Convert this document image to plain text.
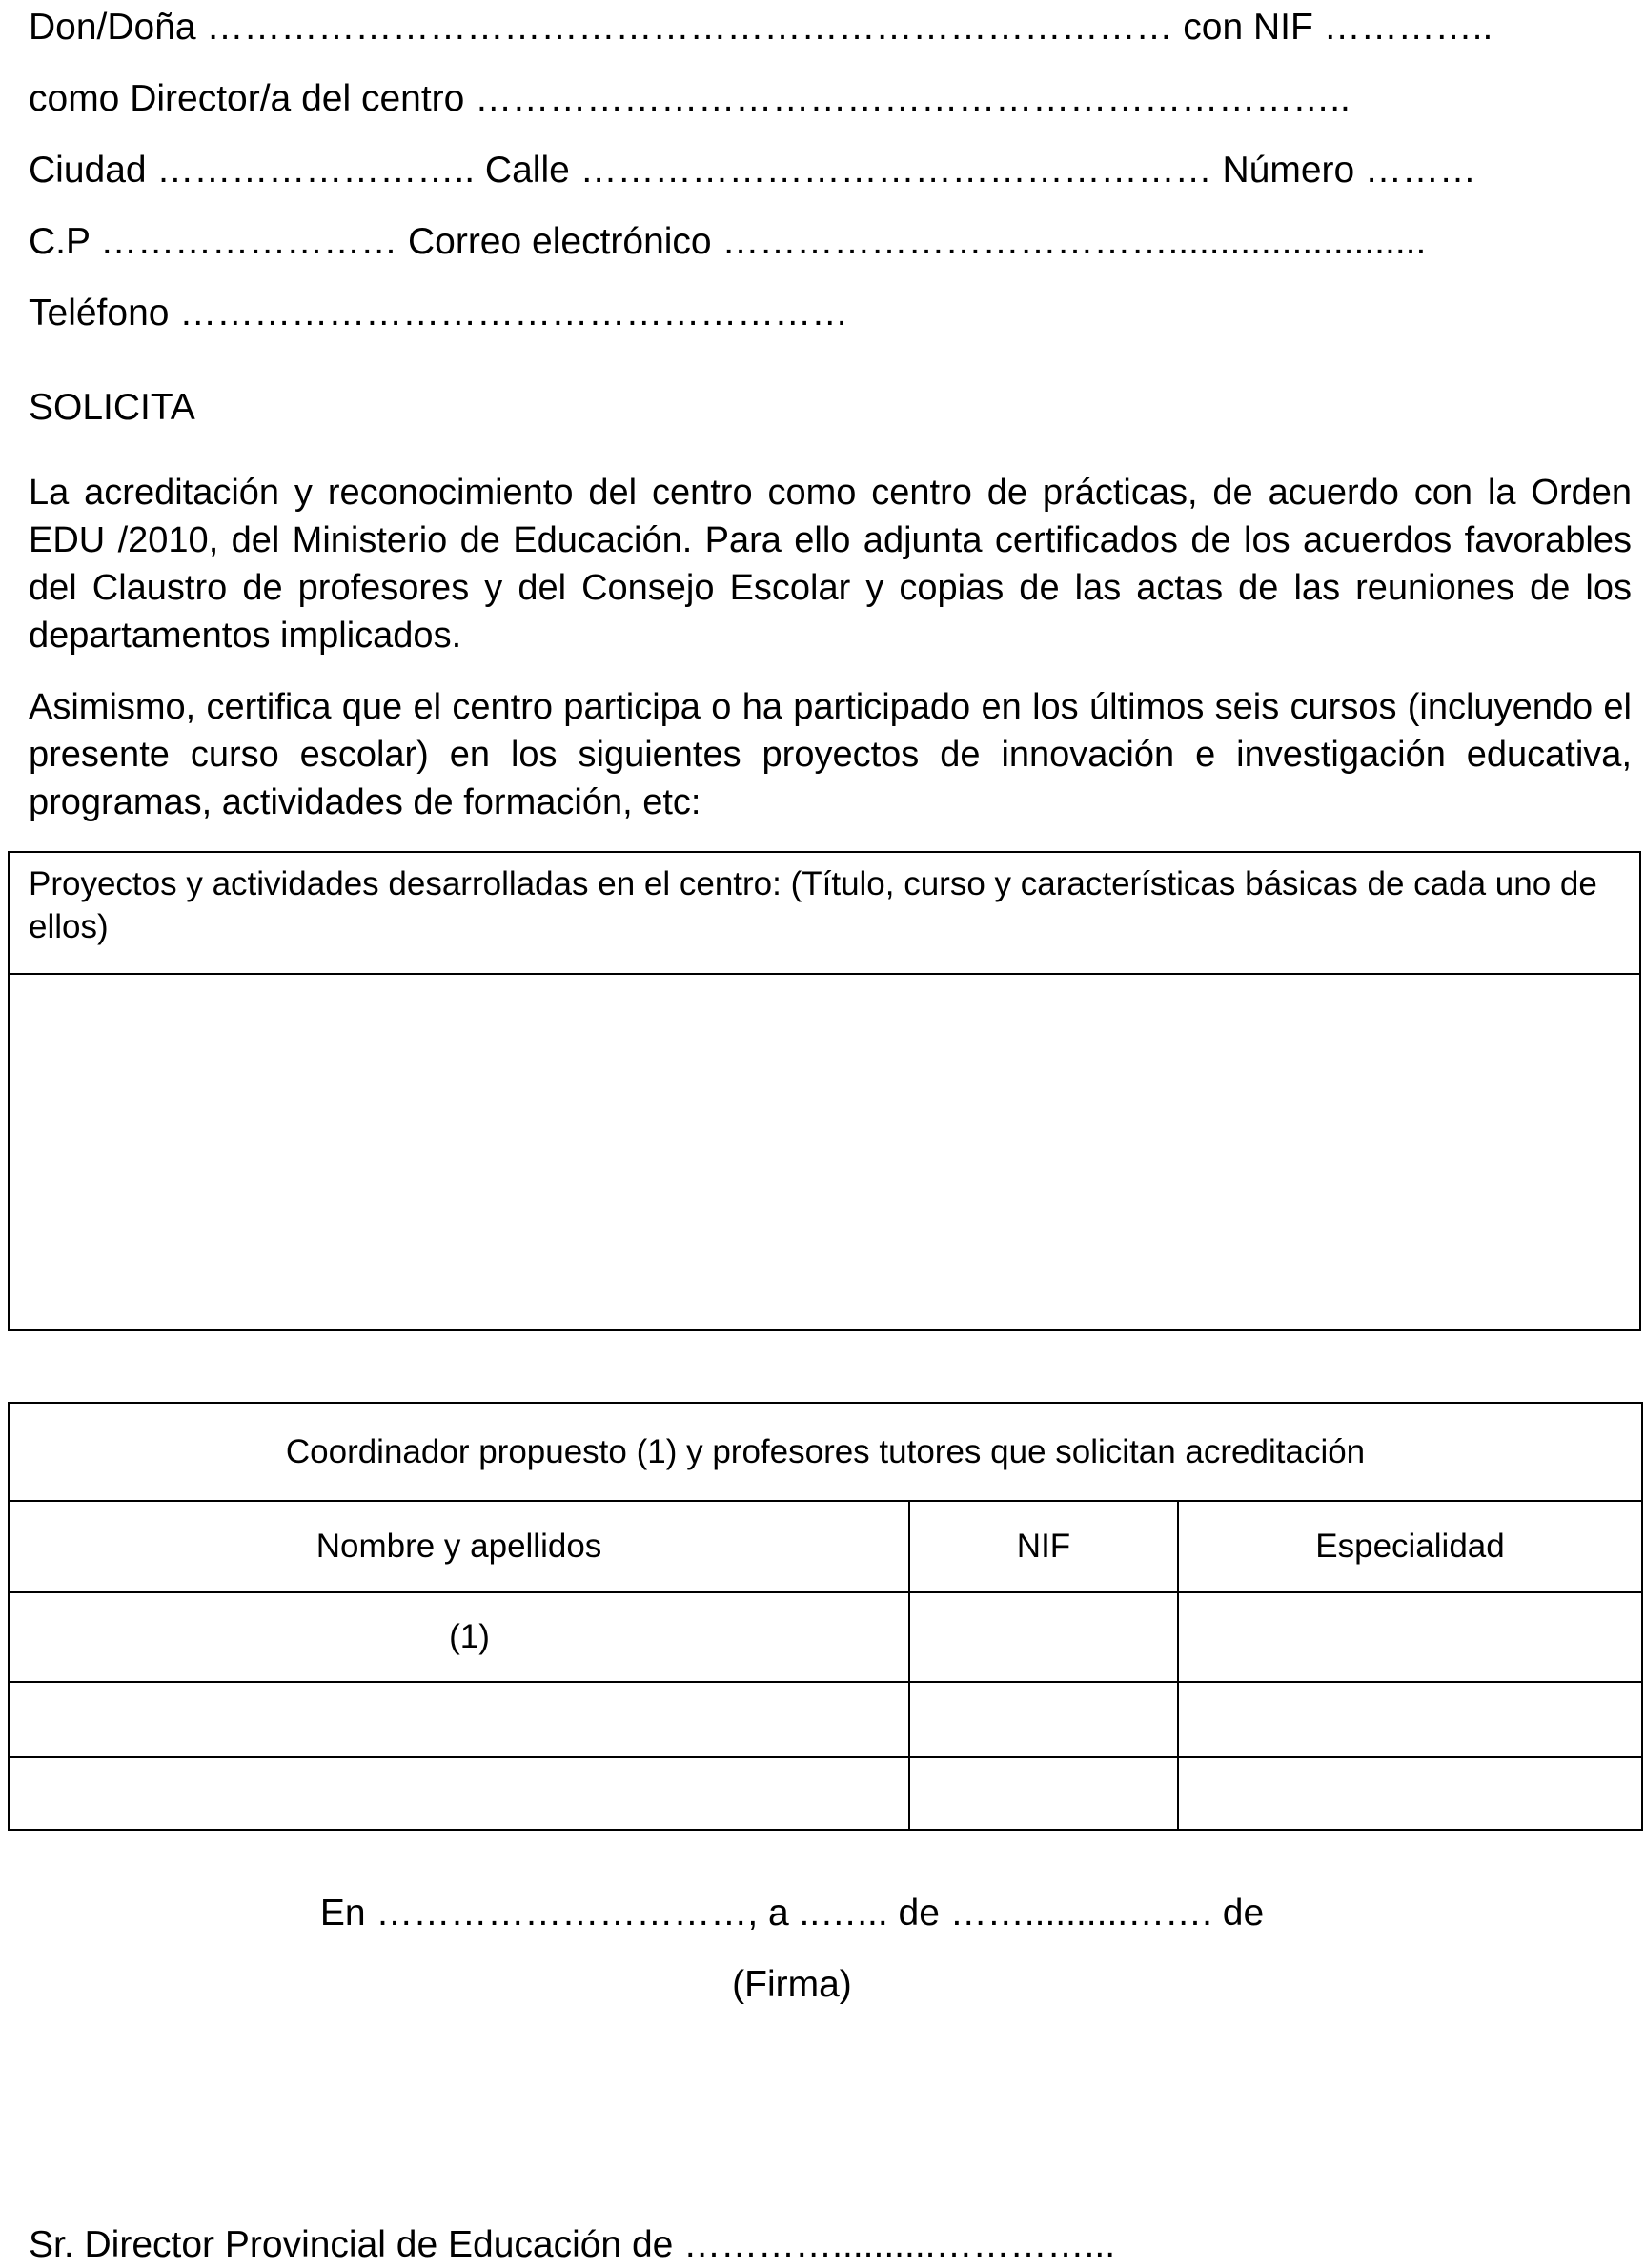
Don/Doña …………………………………………………………………… con NIF …………..
como Director/a del centro ……………………………………………………………..
Ciudad …………………….. Calle …………………………………………… Número ………
C.P …………………… Correo electrónico ……………………………….........................
Teléfono ………………………………………………
SOLICITA
La acreditación y reconocimiento del centro como centro de prácticas, de acuerdo con la Orden EDU /2010, del Ministerio de Educación. Para ello adjunta certificados de los acuerdos favorables del Claustro de profesores y del Consejo Escolar y copias de las actas de las reuniones de los departamentos implicados.
Asimismo, certifica que el centro participa o ha participado en los últimos seis cursos (incluyendo el presente curso escolar) en los siguientes proyectos de innovación e investigación educativa, programas, actividades de formación, etc:
Proyectos y actividades desarrolladas en el centro: (Título, curso y características básicas de cada uno de ellos)

Coordinador propuesto (1) y profesores tutores que solicitan acreditación		
Nombre y apellidos	NIF	Especialidad
(1)		

En …………………………, a ..…... de ……..........……. de
(Firma)
Sr. Director Provincial de Educación de …………..........…………...
